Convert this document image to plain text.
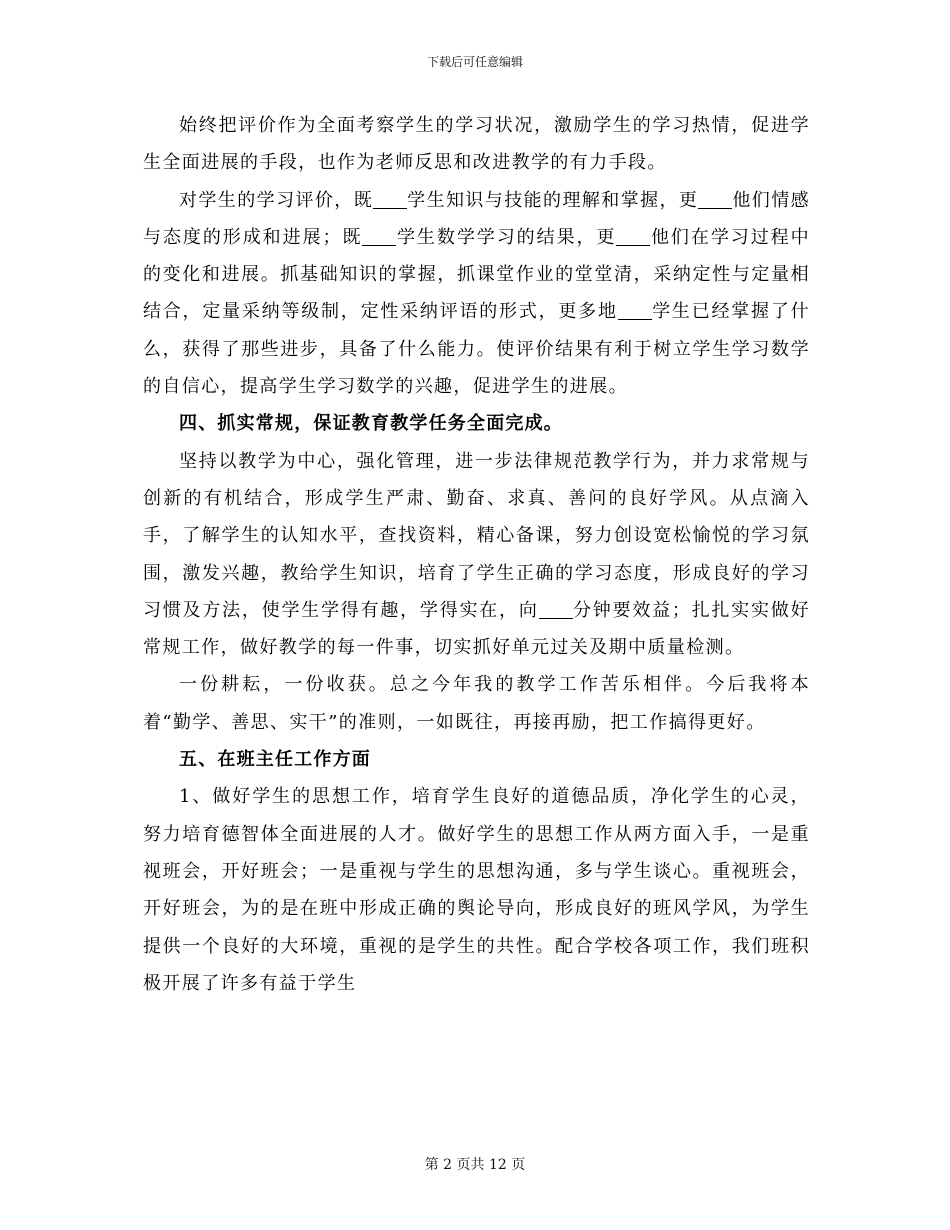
下载后可任意编辑

始终把评价作为全面考察学生的学习状况，激励学生的学习热情，促进学生全面进展的手段，也作为老师反思和改进教学的有力手段。

对学生的学习评价，既 学生知识与技能的理解和掌握，更 他们情感与态度的形成和进展；既 学生数学学习的结果，更 他们在学习过程中的变化和进展。抓基础知识的掌握，抓课堂作业的堂堂清，采纳定性与定量相结合，定量采纳等级制，定性采纳评语的形式，更多地 学生已经掌握了什么，获得了那些进步，具备了什么能力。使评价结果有利于树立学生学习数学的自信心，提高学生学习数学的兴趣，促进学生的进展。

四、抓实常规，保证教育教学任务全面完成。

坚持以教学为中心，强化管理，进一步法律规范教学行为，并力求常规与创新的有机结合，形成学生严肃、勤奋、求真、善问的良好学风。从点滴入手，了解学生的认知水平，查找资料，精心备课，努力创设宽松愉悦的学习氛围，激发兴趣，教给学生知识，培育了学生正确的学习态度，形成良好的学习习惯及方法，使学生学得有趣，学得实在，向 分钟要效益；扎扎实实做好常规工作，做好教学的每一件事，切实抓好单元过关及期中质量检测。

一份耕耘，一份收获。总之今年我的教学工作苦乐相伴。今后我将本着“勤学、善思、实干”的准则，一如既往，再接再励，把工作搞得更好。

五、在班主任工作方面

1、做好学生的思想工作，培育学生良好的道德品质，净化学生的心灵，努力培育德智体全面进展的人才。做好学生的思想工作从两方面入手，一是重视班会，开好班会；一是重视与学生的思想沟通，多与学生谈心。重视班会，开好班会，为的是在班中形成正确的舆论导向，形成良好的班风学风，为学生提供一个良好的大环境，重视的是学生的共性。配合学校各项工作，我们班积极开展了许多有益于学生

第 2 页共 12 页
